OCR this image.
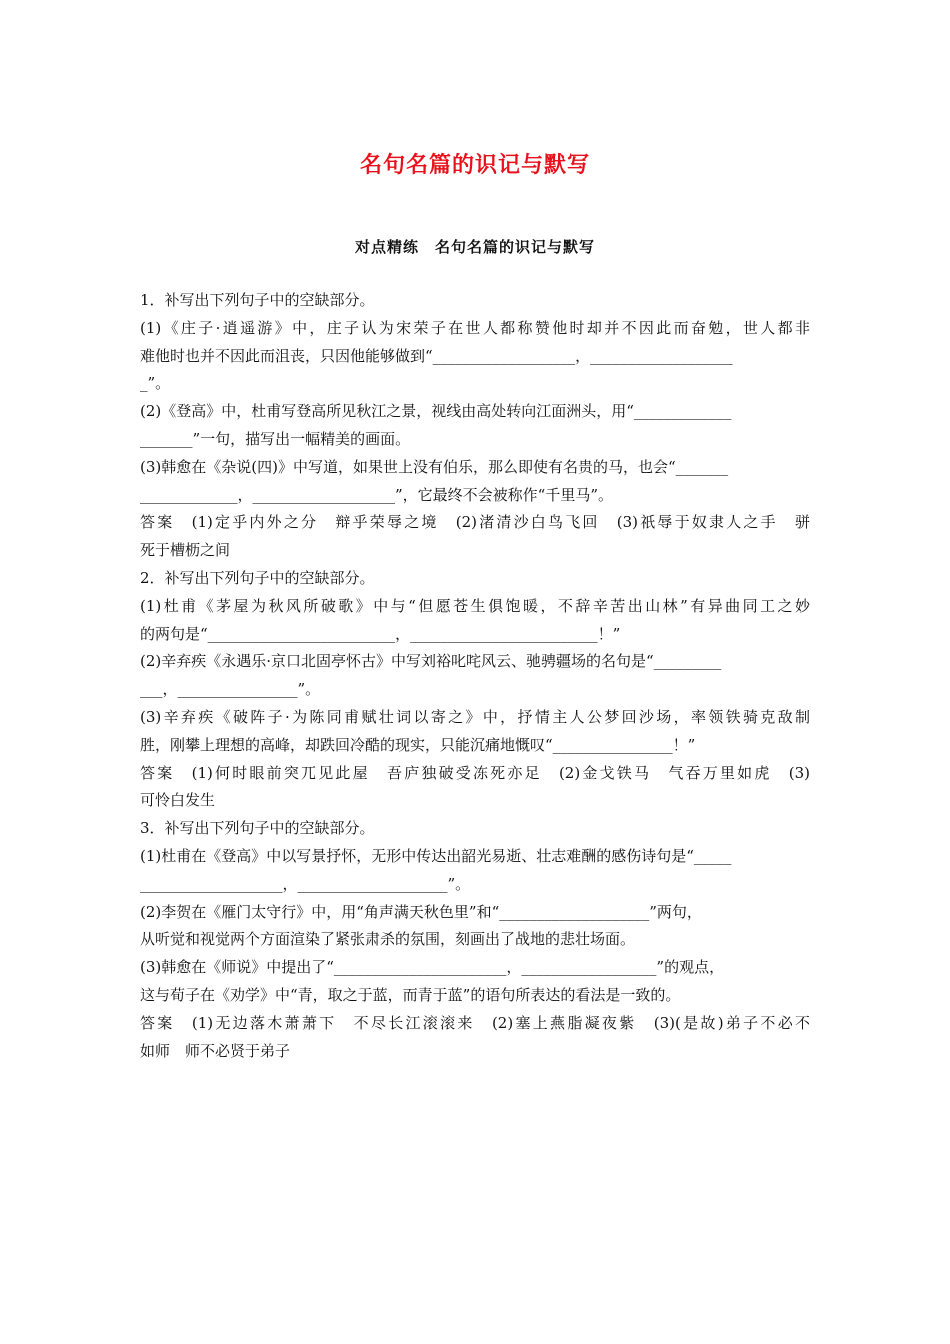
名句名篇的识记与默写
对点精练　名句名篇的识记与默写
1．补写出下列句子中的空缺部分。
(1)《庄子·逍遥游》中，庄子认为宋荣子在世人都称赞他时却并不因此而奋勉，世人都非
难他时也并不因此而沮丧，只因他能够做到“___________________，___________________
_”。
(2)《登高》中，杜甫写登高所见秋江之景，视线由高处转向江面洲头，用“_____________
_______”一句，描写出一幅精美的画面。
(3)韩愈在《杂说(四)》中写道，如果世上没有伯乐，那么即使有名贵的马，也会“_______
_____________，___________________”，它最终不会被称作“千里马”。
答案　(1)定乎内外之分　辩乎荣辱之境　(2)渚清沙白鸟飞回　(3)祇辱于奴隶人之手　骈
死于槽枥之间
2．补写出下列句子中的空缺部分。
(1)杜甫《茅屋为秋风所破歌》中与“但愿苍生俱饱暖，不辞辛苦出山林”有异曲同工之妙
的两句是“_________________________，_________________________！”
(2)辛弃疾《永遇乐·京口北固亭怀古》中写刘裕叱咤风云、驰骋疆场的名句是“_________
___，________________”。
(3)辛弃疾《破阵子·为陈同甫赋壮词以寄之》中，抒情主人公梦回沙场，率领铁骑克敌制
胜，刚攀上理想的高峰，却跌回冷酷的现实，只能沉痛地慨叹“________________！”
答案　(1)何时眼前突兀见此屋　吾庐独破受冻死亦足　(2)金戈铁马　气吞万里如虎　(3)
可怜白发生
3．补写出下列句子中的空缺部分。
(1)杜甫在《登高》中以写景抒怀，无形中传达出韶光易逝、壮志难酬的感伤诗句是“_____
___________________，____________________”。
(2)李贺在《雁门太守行》中，用“角声满天秋色里”和“____________________”两句，
从听觉和视觉两个方面渲染了紧张肃杀的氛围，刻画出了战地的悲壮场面。
(3)韩愈在《师说》中提出了“_______________________，__________________”的观点，
这与荀子在《劝学》中“青，取之于蓝，而青于蓝”的语句所表达的看法是一致的。
答案　(1)无边落木萧萧下　不尽长江滚滚来　(2)塞上燕脂凝夜紫　(3)(是故)弟子不必不
如师　师不必贤于弟子
